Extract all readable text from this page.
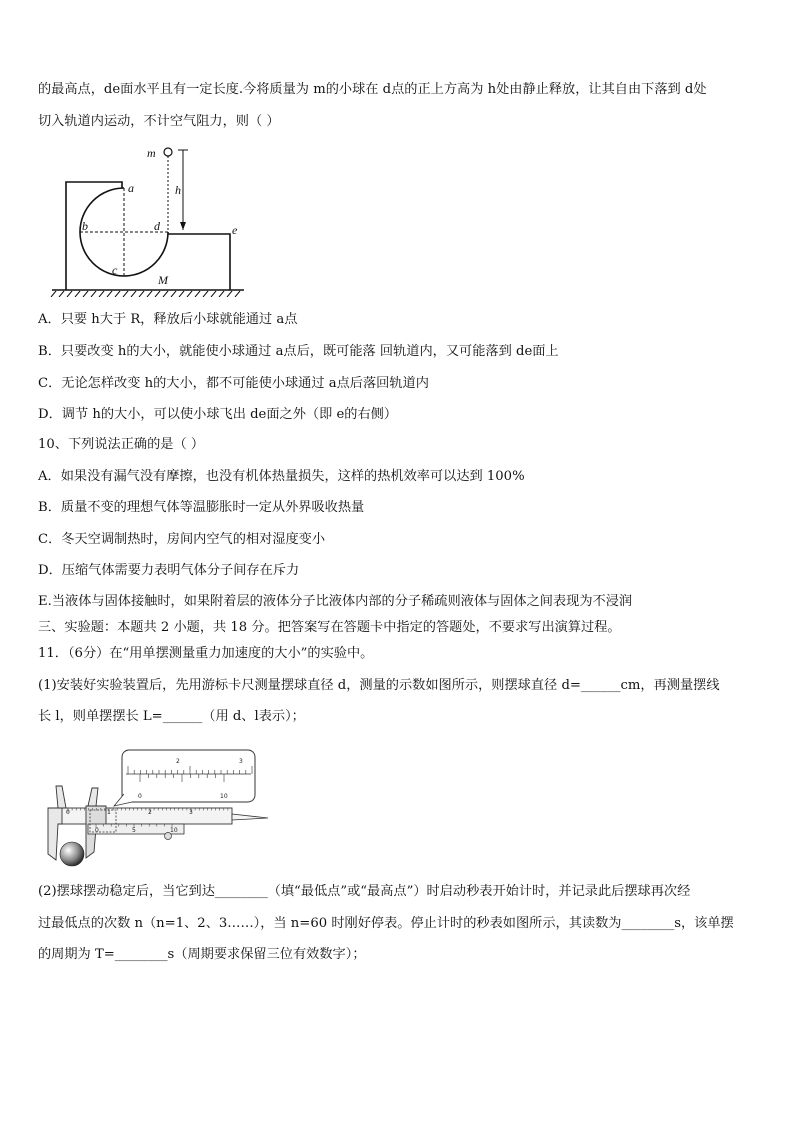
的最高点，de面水平且有一定长度.今将质量为 m的小球在 d点的正上方高为 h处由静止释放，让其自由下落到 d处
切入轨道内运动，不计空气阻力，则（ ）
m
h
a
b
c
d	e
M
A．只要 h大于 R，释放后小球就能通过 a点
B．只要改变 h的大小，就能使小球通过 a点后，既可能落 回轨道内，又可能落到 de面上
C．无论怎样改变 h的大小，都不可能使小球通过 a点后落回轨道内
D．调节 h的大小，可以使小球飞出 de面之外（即 e的右侧）
10、下列说法正确的是（ ）
A．如果没有漏气没有摩擦，也没有机体热量损失，这样的热机效率可以达到 100%
B．质量不变的理想气体等温膨胀时一定从外界吸收热量
C．冬天空调制热时，房间内空气的相对湿度变小
D．压缩气体需要力表明气体分子间存在斥力
E.当液体与固体接触时，如果附着层的液体分子比液体内部的分子稀疏则液体与固体之间表现为不浸润
三、实验题：本题共 2 小题，共 18 分。把答案写在答题卡中指定的答题处，不要求写出演算过程。
11．（6分）在“用单摆测量重力加速度的大小”的实验中。
(1)安装好实验装置后，先用游标卡尺测量摆球直径 d，测量的示数如图所示，则摆球直径 d=______cm，再测量摆线
长 l，则单摆摆长 L=______（用 d、l表示）；
2	3
0	10
0	1	2	3
0	5	10
(2)摆球摆动稳定后，当它到达________（填“最低点”或“最高点”）时启动秒表开始计时，并记录此后摆球再次经
过最低点的次数 n（n=1、2、3……），当 n=60 时刚好停表。停止计时的秒表如图所示，其读数为________s，该单摆
的周期为 T=________s（周期要求保留三位有效数字）；
